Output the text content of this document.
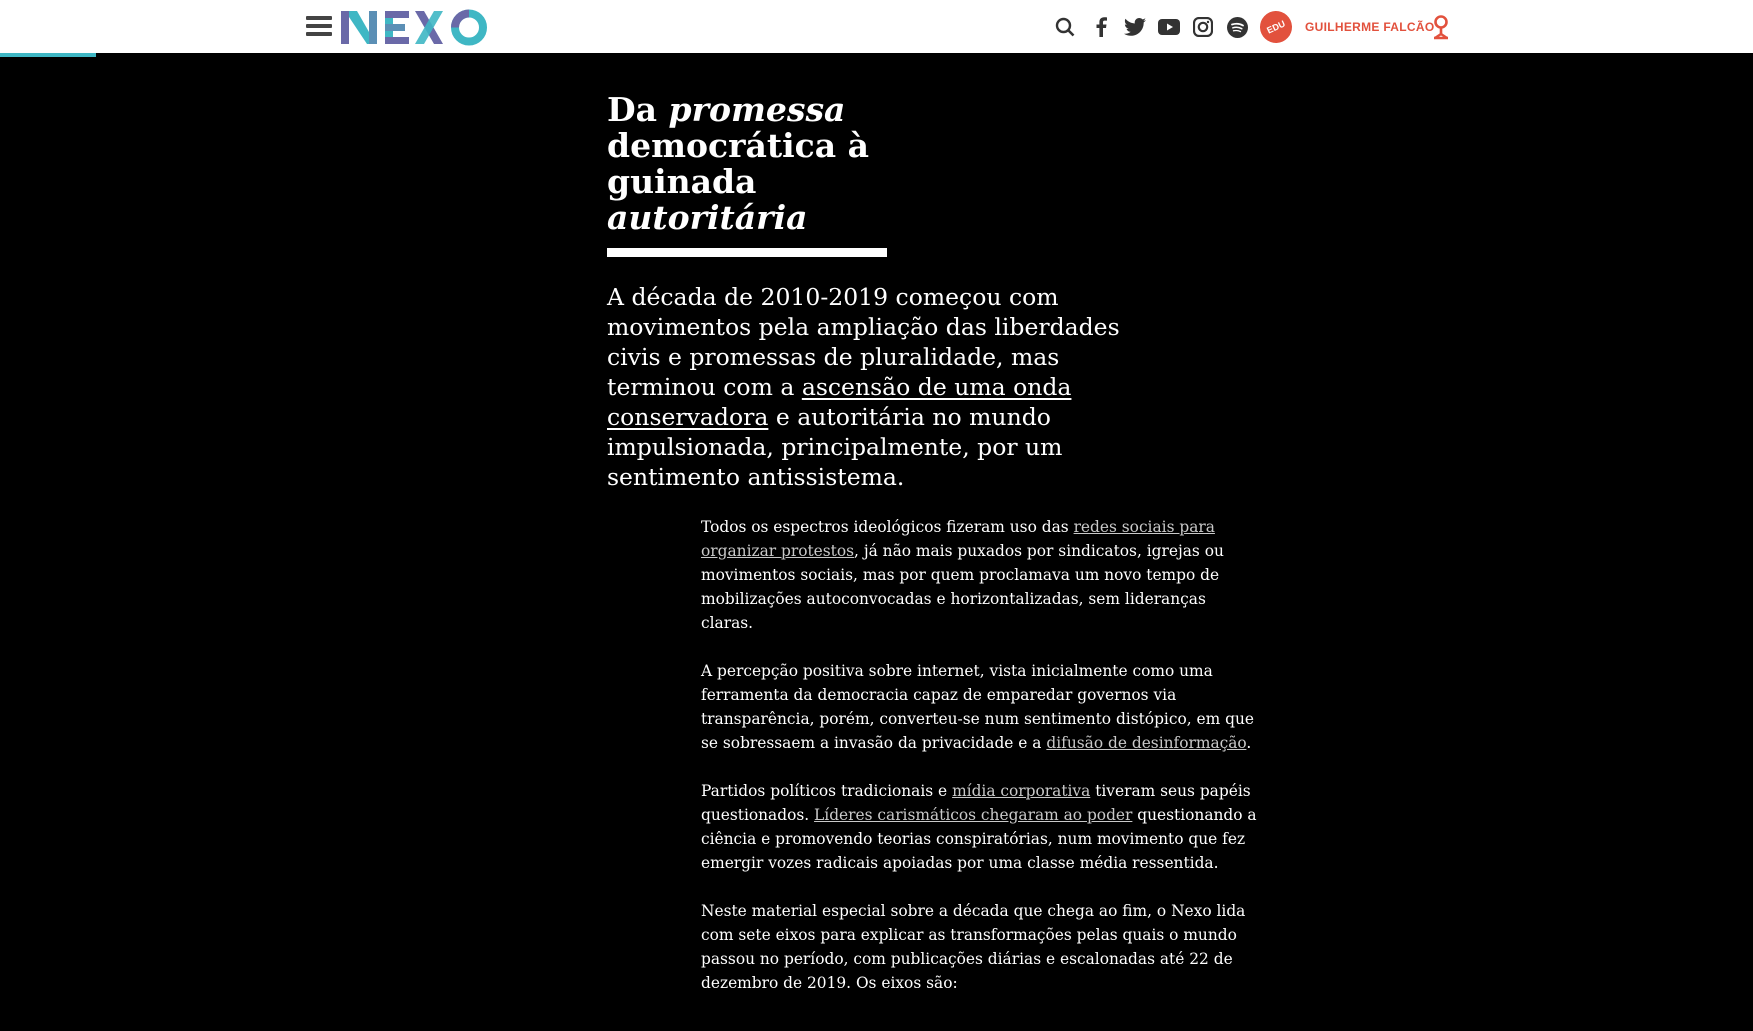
EDU	GUILHERME FALCÃO
Da promessa democrática à guinada autoritária

A década de 2010-2019 começou com movimentos pela ampliação das liberdades civis e promessas de pluralidade, mas terminou com a ascensão de uma onda conservadora e autoritária no mundo impulsionada, principalmente, por um sentimento antissistema.

Todos os espectros ideológicos fizeram uso das redes sociais para organizar protestos, já não mais puxados por sindicatos, igrejas ou movimentos sociais, mas por quem proclamava um novo tempo de mobilizações autoconvocadas e horizontalizadas, sem lideranças claras.

A percepção positiva sobre internet, vista inicialmente como uma ferramenta da democracia capaz de emparedar governos via transparência, porém, converteu-se num sentimento distópico, em que se sobressaem a invasão da privacidade e a difusão de desinformação.

Partidos políticos tradicionais e mídia corporativa tiveram seus papéis questionados. Líderes carismáticos chegaram ao poder questionando a ciência e promovendo teorias conspiratórias, num movimento que fez emergir vozes radicais apoiadas por uma classe média ressentida.

Neste material especial sobre a década que chega ao fim, o Nexo lida com sete eixos para explicar as transformações pelas quais o mundo passou no período, com publicações diárias e escalonadas até 22 de dezembro de 2019. Os eixos são:
